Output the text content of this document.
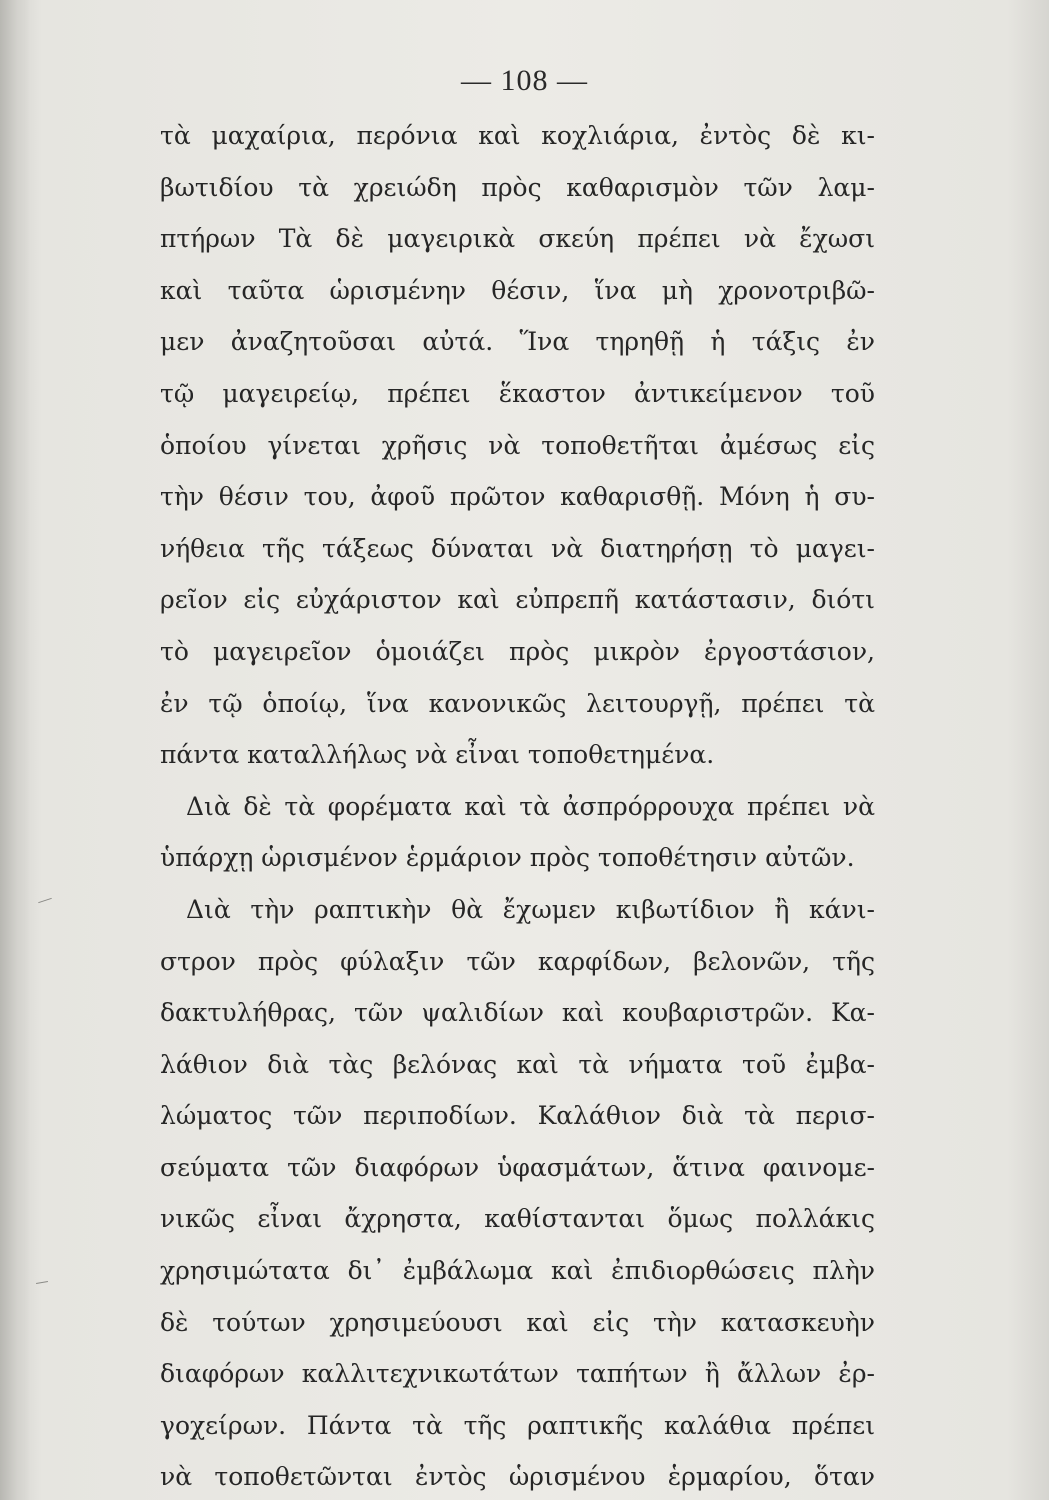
— 108 —
τὰ μαχαίρια, περόνια καὶ κοχλιάρια, ἐντὸς δὲ κι-
βωτιδίου τὰ χρειώδη πρὸς καθαρισμὸν τῶν λαμ-
πτήρων Τὰ δὲ μαγειρικὰ σκεύη πρέπει νὰ ἔχωσι
καὶ ταῦτα ὡρισμένην θέσιν, ἵνα μὴ χρονοτριβῶ-
μεν ἀναζητοῦσαι αὐτά. Ἵνα τηρηθῇ ἡ τάξις ἐν
τῷ μαγειρείῳ, πρέπει ἕκαστον ἀντικείμενον τοῦ
ὁποίου γίνεται χρῆσις νὰ τοποθετῆται ἀμέσως εἰς
τὴν θέσιν του, ἀφοῦ πρῶτον καθαρισθῇ. Μόνη ἡ συ-
νήθεια τῆς τάξεως δύναται νὰ διατηρήσῃ τὸ μαγει-
ρεῖον εἰς εὐχάριστον καὶ εὐπρεπῆ κατάστασιν, διότι
τὸ μαγειρεῖον ὁμοιάζει πρὸς μικρὸν ἐργοστάσιον,
ἐν τῷ ὁποίῳ, ἵνα κανονικῶς λειτουργῇ, πρέπει τὰ
πάντα καταλλήλως νὰ εἶναι τοποθετημένα.
Διὰ δὲ τὰ φορέματα καὶ τὰ ἀσπρόρρουχα πρέπει νὰ
ὑπάρχῃ ὡρισμένον ἑρμάριον πρὸς τοποθέτησιν αὐτῶν.
Διὰ τὴν ραπτικὴν θὰ ἔχωμεν κιβωτίδιον ἢ κάνι-
στρον πρὸς φύλαξιν τῶν καρφίδων, βελονῶν, τῆς
δακτυλήθρας, τῶν ψαλιδίων καὶ κουβαριστρῶν. Κα-
λάθιον διὰ τὰς βελόνας καὶ τὰ νήματα τοῦ ἐμβα-
λώματος τῶν περιποδίων. Καλάθιον διὰ τὰ περισ-
σεύματα τῶν διαφόρων ὑφασμάτων, ἅτινα φαινομε-
νικῶς εἶναι ἄχρηστα, καθίστανται ὅμως πολλάκις
χρησιμώτατα δι᾽ ἐμβάλωμα καὶ ἐπιδιορθώσεις πλὴν
δὲ τούτων χρησιμεύουσι καὶ εἰς τὴν κατασκευὴν
διαφόρων καλλιτεχνικωτάτων ταπήτων ἢ ἄλλων ἐρ-
γοχείρων. Πάντα τὰ τῆς ραπτικῆς καλάθια πρέπει
νὰ τοποθετῶνται ἐντὸς ὡρισμένου ἑρμαρίου, ὅταν
